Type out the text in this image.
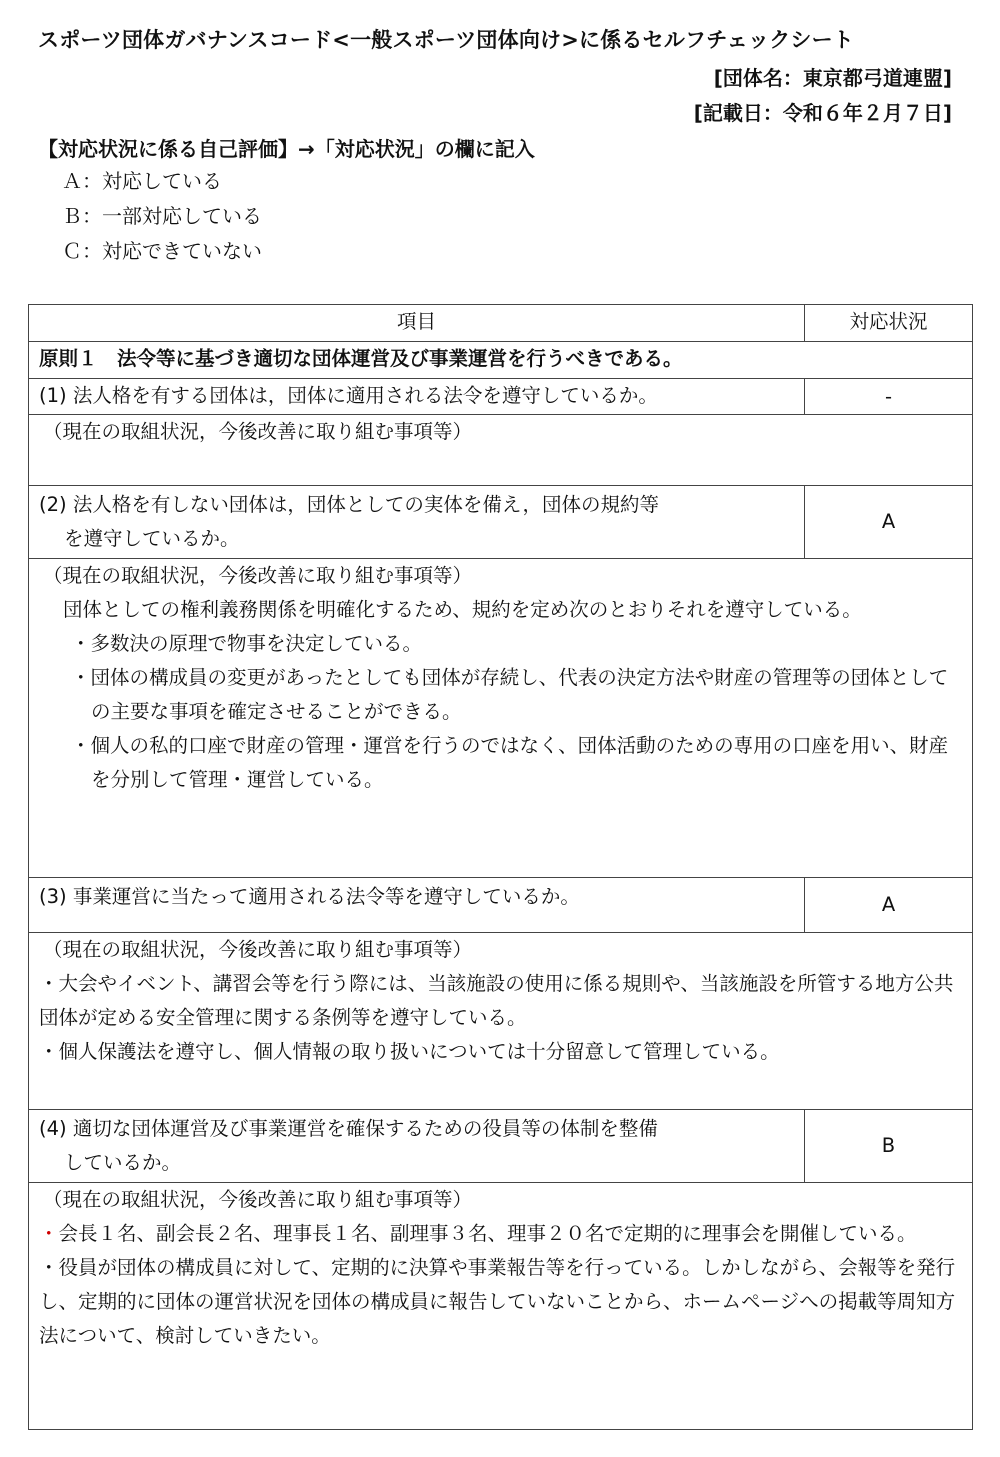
スポーツ団体ガバナンスコード<一般スポーツ団体向け>に係るセルフチェックシート
[団体名：東京都弓道連盟]
[記載日：令和６年２月７日]
【対応状況に係る自己評価】→「対応状況」の欄に記入
Ａ：対応している
Ｂ：一部対応している
Ｃ：対応できていない
項目	対応状況
原則１　法令等に基づき適切な団体運営及び事業運営を行うべきである。	
(1) 法人格を有する団体は，団体に適用される法令を遵守しているか。	-

（現在の取組状況，今後改善に取り組む事項等）	

(2) 法人格を有しない団体は，団体としての実体を備え，団体の規約等
を遵守しているか。	A

（現在の取組状況，今後改善に取り組む事項等）
団体としての権利義務関係を明確化するため、規約を定め次のとおりそれを遵守している。
・多数決の原理で物事を決定している。
・団体の構成員の変更があったとしても団体が存続し、代表の決定方法や財産の管理等の団体としての主要な事項を確定させることができる。
・個人の私的口座で財産の管理・運営を行うのではなく、団体活動のための専用の口座を用い、財産を分別して管理・運営している。	

(3) 事業運営に当たって適用される法令等を遵守しているか。	A

（現在の取組状況，今後改善に取り組む事項等）
・大会やイベント、講習会等を行う際には、当該施設の使用に係る規則や、当該施設を所管する地方公共団体が定める安全管理に関する条例等を遵守している。
・個人保護法を遵守し、個人情報の取り扱いについては十分留意して管理している。	

(4) 適切な団体運営及び事業運営を確保するための役員等の体制を整備
しているか。	B

（現在の取組状況，今後改善に取り組む事項等）
・会長１名、副会長２名、理事長１名、副理事３名、理事２０名で定期的に理事会を開催している。
・役員が団体の構成員に対して、定期的に決算や事業報告等を行っている。しかしながら、会報等を発行し、定期的に団体の運営状況を団体の構成員に報告していないことから、ホームページへの掲載等周知方法について、検討していきたい。	
